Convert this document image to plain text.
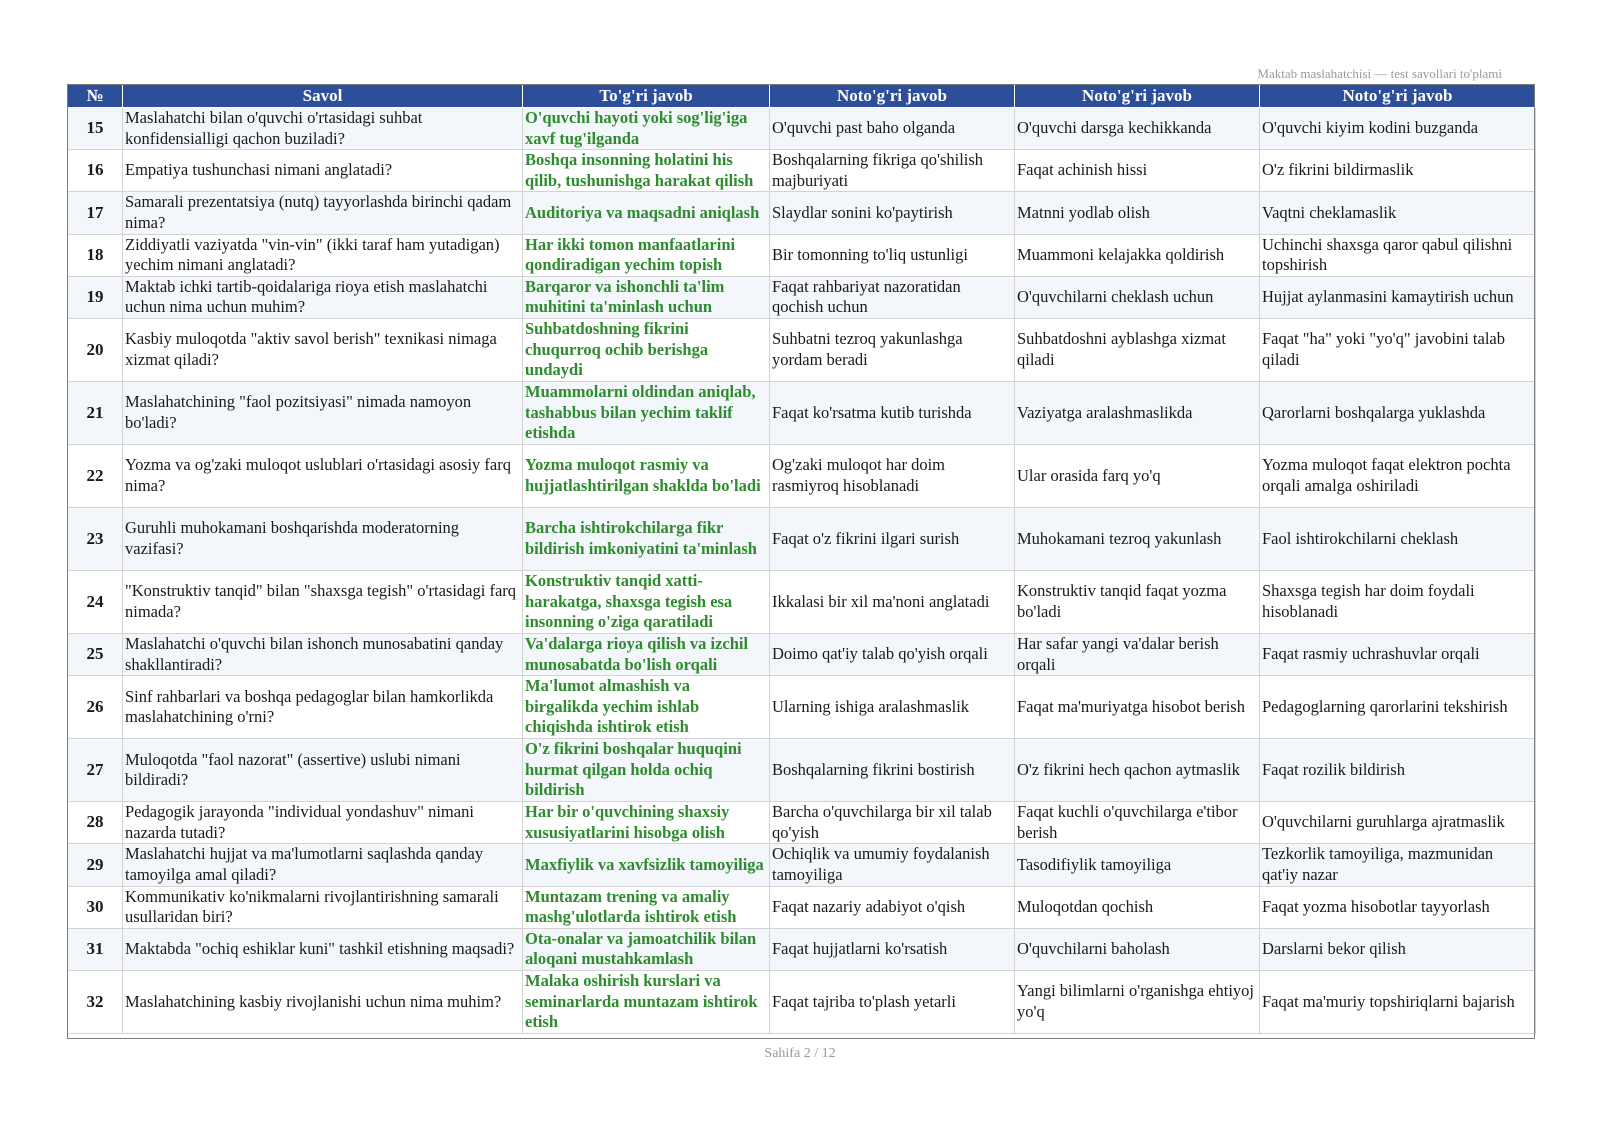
Maktab maslahatchisi — test savollari to'plami
№	Savol	To'g'ri javob	Noto'g'ri javob	Noto'g'ri javob	Noto'g'ri javob
15	Maslahatchi bilan o'quvchi o'rtasidagi suhbat konfidensialligi qachon buziladi?	O'quvchi hayoti yoki sog'lig'iga xavf tug'ilganda	O'quvchi past baho olganda	O'quvchi darsga kechikkanda	O'quvchi kiyim kodini buzganda
16	Empatiya tushunchasi nimani anglatadi?	Boshqa insonning holatini his qilib, tushunishga harakat qilish	Boshqalarning fikriga qo'shilish majburiyati	Faqat achinish hissi	O'z fikrini bildirmaslik
17	Samarali prezentatsiya (nutq) tayyorlashda birinchi qadam nima?	Auditoriya va maqsadni aniqlash	Slaydlar sonini ko'paytirish	Matnni yodlab olish	Vaqtni cheklamaslik
18	Ziddiyatli vaziyatda "vin-vin" (ikki taraf ham yutadigan) yechim nimani anglatadi?	Har ikki tomon manfaatlarini qondiradigan yechim topish	Bir tomonning to'liq ustunligi	Muammoni kelajakka qoldirish	Uchinchi shaxsga qaror qabul qilishni topshirish
19	Maktab ichki tartib-qoidalariga rioya etish maslahatchi uchun nima uchun muhim?	Barqaror va ishonchli ta'lim muhitini ta'minlash uchun	Faqat rahbariyat nazoratidan qochish uchun	O'quvchilarni cheklash uchun	Hujjat aylanmasini kamaytirish uchun
20	Kasbiy muloqotda "aktiv savol berish" texnikasi nimaga xizmat qiladi?	Suhbatdoshning fikrini chuqurroq ochib berishga undaydi	Suhbatni tezroq yakunlashga yordam beradi	Suhbatdoshni ayblashga xizmat qiladi	Faqat "ha" yoki "yo'q" javobini talab qiladi
21	Maslahatchining "faol pozitsiyasi" nimada namoyon bo'ladi?	Muammolarni oldindan aniqlab, tashabbus bilan yechim taklif etishda	Faqat ko'rsatma kutib turishda	Vaziyatga aralashmaslikda	Qarorlarni boshqalarga yuklashda
22	Yozma va og'zaki muloqot uslublari o'rtasidagi asosiy farq nima?	Yozma muloqot rasmiy va hujjatlashtirilgan shaklda bo'ladi	Og'zaki muloqot har doim rasmiyroq hisoblanadi	Ular orasida farq yo'q	Yozma muloqot faqat elektron pochta orqali amalga oshiriladi
23	Guruhli muhokamani boshqarishda moderatorning vazifasi?	Barcha ishtirokchilarga fikr bildirish imkoniyatini ta'minlash	Faqat o'z fikrini ilgari surish	Muhokamani tezroq yakunlash	Faol ishtirokchilarni cheklash
24	"Konstruktiv tanqid" bilan "shaxsga tegish" o'rtasidagi farq nimada?	Konstruktiv tanqid xatti-harakatga, shaxsga tegish esa insonning o'ziga qaratiladi	Ikkalasi bir xil ma'noni anglatadi	Konstruktiv tanqid faqat yozma bo'ladi	Shaxsga tegish har doim foydali hisoblanadi
25	Maslahatchi o'quvchi bilan ishonch munosabatini qanday shakllantiradi?	Va'dalarga rioya qilish va izchil munosabatda bo'lish orqali	Doimo qat'iy talab qo'yish orqali	Har safar yangi va'dalar berish orqali	Faqat rasmiy uchrashuvlar orqali
26	Sinf rahbarlari va boshqa pedagoglar bilan hamkorlikda maslahatchining o'rni?	Ma'lumot almashish va birgalikda yechim ishlab chiqishda ishtirok etish	Ularning ishiga aralashmaslik	Faqat ma'muriyatga hisobot berish	Pedagoglarning qarorlarini tekshirish
27	Muloqotda "faol nazorat" (assertive) uslubi nimani bildiradi?	O'z fikrini boshqalar huquqini hurmat qilgan holda ochiq bildirish	Boshqalarning fikrini bostirish	O'z fikrini hech qachon aytmaslik	Faqat rozilik bildirish
28	Pedagogik jarayonda "individual yondashuv" nimani nazarda tutadi?	Har bir o'quvchining shaxsiy xususiyatlarini hisobga olish	Barcha o'quvchilarga bir xil talab qo'yish	Faqat kuchli o'quvchilarga e'tibor berish	O'quvchilarni guruhlarga ajratmaslik
29	Maslahatchi hujjat va ma'lumotlarni saqlashda qanday tamoyilga amal qiladi?	Maxfiylik va xavfsizlik tamoyiliga	Ochiqlik va umumiy foydalanish tamoyiliga	Tasodifiylik tamoyiliga	Tezkorlik tamoyiliga, mazmunidan qat'iy nazar
30	Kommunikativ ko'nikmalarni rivojlantirishning samarali usullaridan biri?	Muntazam trening va amaliy mashg'ulotlarda ishtirok etish	Faqat nazariy adabiyot o'qish	Muloqotdan qochish	Faqat yozma hisobotlar tayyorlash
31	Maktabda "ochiq eshiklar kuni" tashkil etishning maqsadi?	Ota-onalar va jamoatchilik bilan aloqani mustahkamlash	Faqat hujjatlarni ko'rsatish	O'quvchilarni baholash	Darslarni bekor qilish
32	Maslahatchining kasbiy rivojlanishi uchun nima muhim?	Malaka oshirish kurslari va seminarlarda muntazam ishtirok etish	Faqat tajriba to'plash yetarli	Yangi bilimlarni o'rganishga ehtiyoj yo'q	Faqat ma'muriy topshiriqlarni bajarish
Sahifa 2 / 12
